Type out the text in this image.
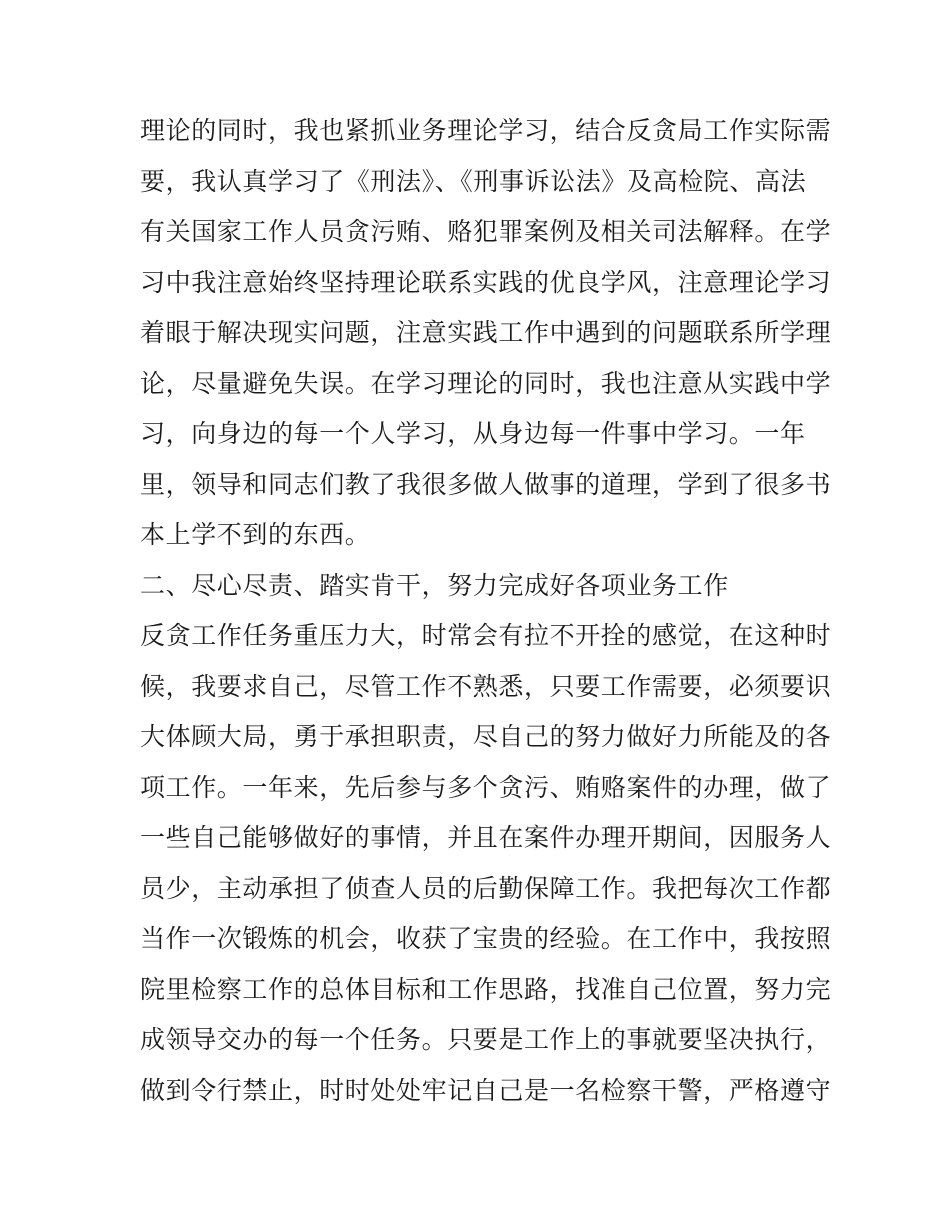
理论的同时，我也紧抓业务理论学习，结合反贪局工作实际需
要，我认真学习了《刑法》、《刑事诉讼法》及高检院、高法
有关国家工作人员贪污贿、赂犯罪案例及相关司法解释。在学
习中我注意始终坚持理论联系实践的优良学风，注意理论学习
着眼于解决现实问题，注意实践工作中遇到的问题联系所学理
论，尽量避免失误。在学习理论的同时，我也注意从实践中学
习，向身边的每一个人学习，从身边每一件事中学习。一年
里，领导和同志们教了我很多做人做事的道理，学到了很多书
本上学不到的东西。
二、尽心尽责、踏实肯干，努力完成好各项业务工作
反贪工作任务重压力大，时常会有拉不开拴的感觉，在这种时
候，我要求自己，尽管工作不熟悉，只要工作需要，必须要识
大体顾大局，勇于承担职责，尽自己的努力做好力所能及的各
项工作。一年来，先后参与多个贪污、贿赂案件的办理，做了
一些自己能够做好的事情，并且在案件办理开期间，因服务人
员少，主动承担了侦查人员的后勤保障工作。我把每次工作都
当作一次锻炼的机会，收获了宝贵的经验。在工作中，我按照
院里检察工作的总体目标和工作思路，找准自己位置，努力完
成领导交办的每一个任务。只要是工作上的事就要坚决执行，
做到令行禁止，时时处处牢记自己是一名检察干警，严格遵守
